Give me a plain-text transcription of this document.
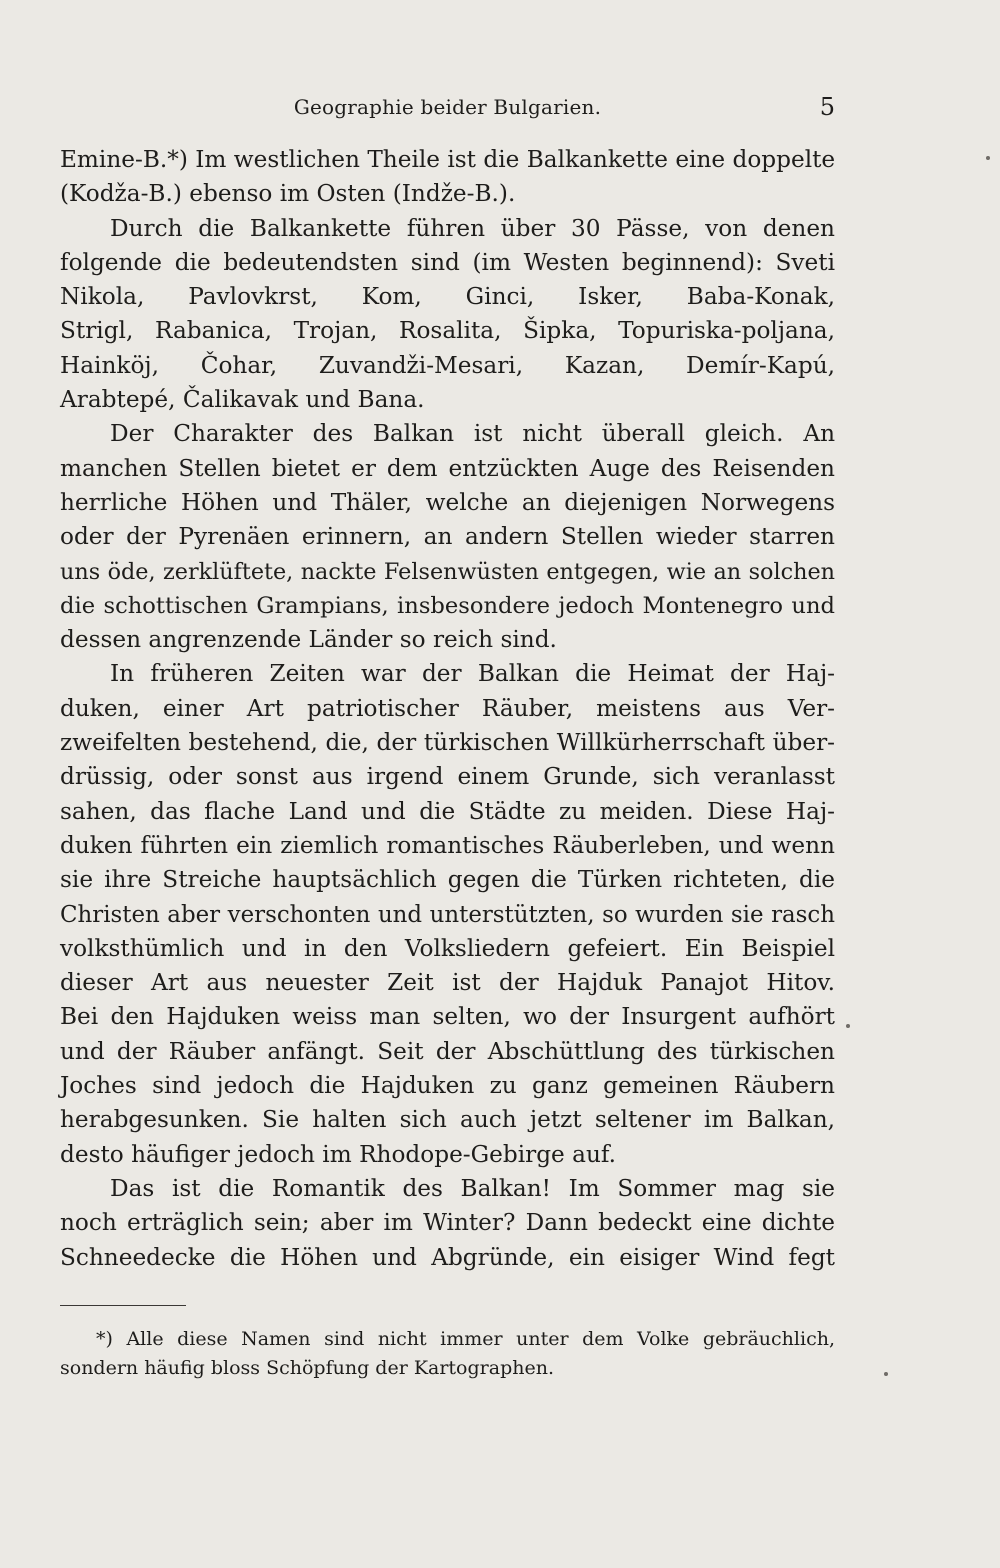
Geographie beider Bulgarien.	5
Emine-B.*) Im westlichen Theile ist die Balkankette eine doppelte
(Kodža-B.) ebenso im Osten (Indže-B.).
Durch die Balkankette führen über 30 Pässe, von denen
folgende die bedeutendsten sind (im Westen beginnend): Sveti
Nikola, Pavlovkrst, Kom, Ginci, Isker, Baba-Konak,
Strigl, Rabanica, Trojan, Rosalita, Šipka, Topuriska-poljana,
Hainköj, Čohar, Zuvandži-Mesari, Kazan, Demír-Kapú,
Arabtepé, Čalikavak und Bana.
Der Charakter des Balkan ist nicht überall gleich. An
manchen Stellen bietet er dem entzückten Auge des Reisenden
herrliche Höhen und Thäler, welche an diejenigen Norwegens
oder der Pyrenäen erinnern, an andern Stellen wieder starren
uns öde, zerklüftete, nackte Felsenwüsten entgegen, wie an solchen
die schottischen Grampians, insbesondere jedoch Montenegro und
dessen angrenzende Länder so reich sind.
In früheren Zeiten war der Balkan die Heimat der Haj-
duken, einer Art patriotischer Räuber, meistens aus Ver-
zweifelten bestehend, die, der türkischen Willkürherrschaft über-
drüssig, oder sonst aus irgend einem Grunde, sich veranlasst
sahen, das flache Land und die Städte zu meiden. Diese Haj-
duken führten ein ziemlich romantisches Räuberleben, und wenn
sie ihre Streiche hauptsächlich gegen die Türken richteten, die
Christen aber verschonten und unterstützten, so wurden sie rasch
volksthümlich und in den Volksliedern gefeiert. Ein Beispiel
dieser Art aus neuester Zeit ist der Hajduk Panajot Hitov.
Bei den Hajduken weiss man selten, wo der Insurgent aufhört
und der Räuber anfängt. Seit der Abschüttlung des türkischen
Joches sind jedoch die Hajduken zu ganz gemeinen Räubern
herabgesunken. Sie halten sich auch jetzt seltener im Balkan,
desto häufiger jedoch im Rhodope-Gebirge auf.
Das ist die Romantik des Balkan! Im Sommer mag sie
noch erträglich sein; aber im Winter? Dann bedeckt eine dichte
Schneedecke die Höhen und Abgründe, ein eisiger Wind fegt
*) Alle diese Namen sind nicht immer unter dem Volke gebräuchlich,
sondern häufig bloss Schöpfung der Kartographen.
